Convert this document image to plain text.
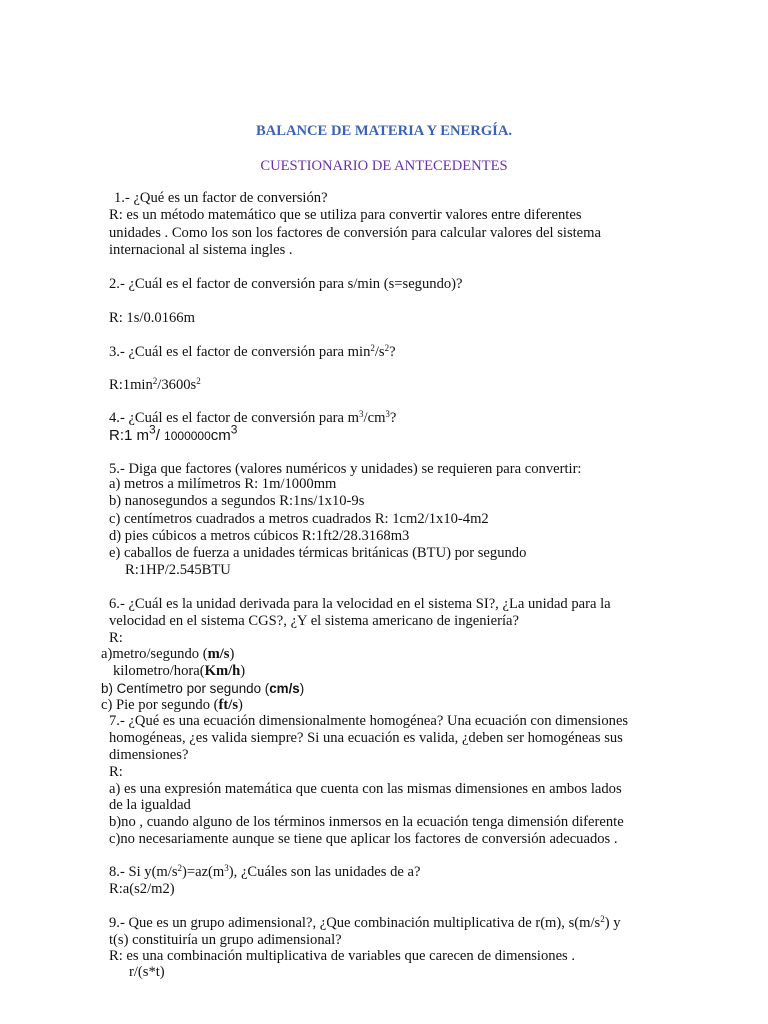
BALANCE DE MATERIA Y ENERGÍA.
CUESTIONARIO DE ANTECEDENTES
1.- ¿Qué es un factor de conversión?
R: es un método matemático que se utiliza para convertir valores entre diferentes
unidades . Como los son los factores de conversión para calcular valores del sistema
internacional al sistema ingles .
2.- ¿Cuál es el factor de conversión para s/min (s=segundo)?
R: 1s/0.0166m
3.- ¿Cuál es el factor de conversión para $\min^2/s^2$?
$R:1\min^2/3600s^2$
4.- ¿Cuál es el factor de conversión para $m^3/cm^3$?
R:1 $m^3/$ $1000000cm^3$
5.- Diga que factores (valores numéricos y unidades) se requieren para convertir:
a) metros a milímetros R: 1m/1000mm
b) nanosegundos a segundos R:1ns/1x10-9s
c) centímetros cuadrados a metros cuadrados R: 1cm2/1x10-4m2
d) pies cúbicos a metros cúbicos R:1ft2/28.3168m3
e) caballos de fuerza a unidades térmicas británicas (BTU) por segundo
R:1HP/2.545BTU
6.- ¿Cuál es la unidad derivada para la velocidad en el sistema SI?, ¿La unidad para la
velocidad en el sistema CGS?, ¿Y el sistema americano de ingeniería?
R:
a)metro/segundo (m/s)
kilometro/hora(Km/h)
b) Centímetro por segundo (cm/s)
c) Pie por segundo (ft/s)
7.- ¿Qué es una ecuación dimensionalmente homogénea? Una ecuación con dimensiones
homogéneas, ¿es valida siempre? Si una ecuación es valida, ¿deben ser homogéneas sus
dimensiones?
R:
a) es una expresión matemática que cuenta con las mismas dimensiones en ambos lados
de la igualdad
b)no , cuando alguno de los términos inmersos en la ecuación tenga dimensión diferente
c)no necesariamente aunque se tiene que aplicar los factores de conversión adecuados .
8.- Si $y(m/s^2)=az(m^3)$, ¿Cuáles son las unidades de a?
R:a(s2/m2)
9.- Que es un grupo adimensional?, ¿Que combinación multiplicativa de r(m), $s(m/s^2)$ y
t(s) constituiría un grupo adimensional?
R: es una combinación multiplicativa de variables que carecen de dimensiones .
r/(s*t)
